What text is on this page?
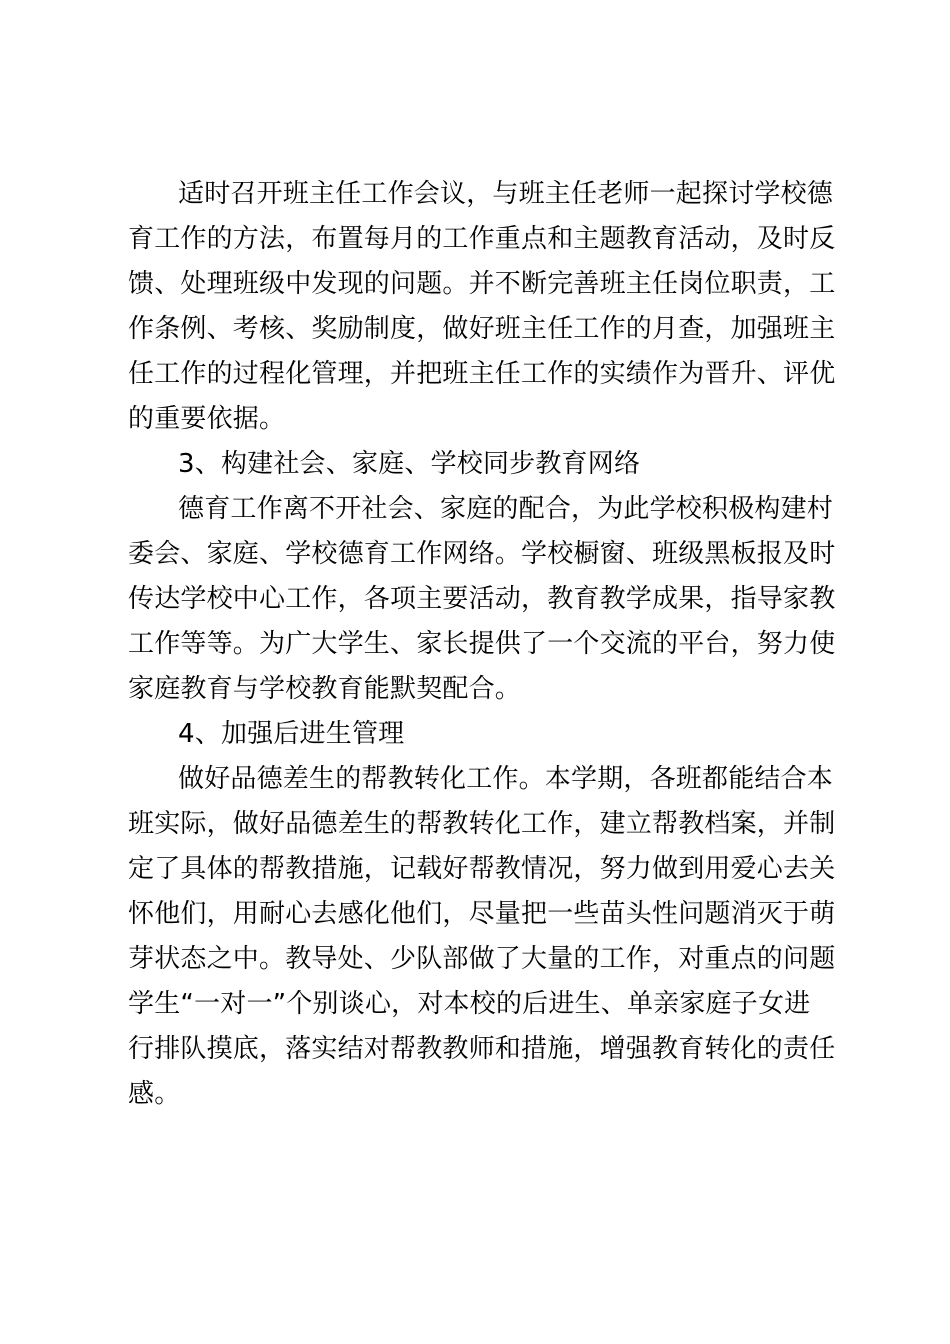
适时召开班主任工作会议，与班主任老师一起探讨学校德
育工作的方法，布置每月的工作重点和主题教育活动，及时反
馈、处理班级中发现的问题。并不断完善班主任岗位职责，工
作条例、考核、奖励制度，做好班主任工作的月查，加强班主
任工作的过程化管理，并把班主任工作的实绩作为晋升、评优
的重要依据。
3、构建社会、家庭、学校同步教育网络
德育工作离不开社会、家庭的配合，为此学校积极构建村
委会、家庭、学校德育工作网络。学校橱窗、班级黑板报及时
传达学校中心工作，各项主要活动，教育教学成果，指导家教
工作等等。为广大学生、家长提供了一个交流的平台，努力使
家庭教育与学校教育能默契配合。
4、加强后进生管理
做好品德差生的帮教转化工作。本学期，各班都能结合本
班实际，做好品德差生的帮教转化工作，建立帮教档案，并制
定了具体的帮教措施，记载好帮教情况，努力做到用爱心去关
怀他们，用耐心去感化他们，尽量把一些苗头性问题消灭于萌
芽状态之中。教导处、少队部做了大量的工作，对重点的问题
学生“一对一”个别谈心，对本校的后进生、单亲家庭子女进
行排队摸底，落实结对帮教教师和措施，增强教育转化的责任
感。
